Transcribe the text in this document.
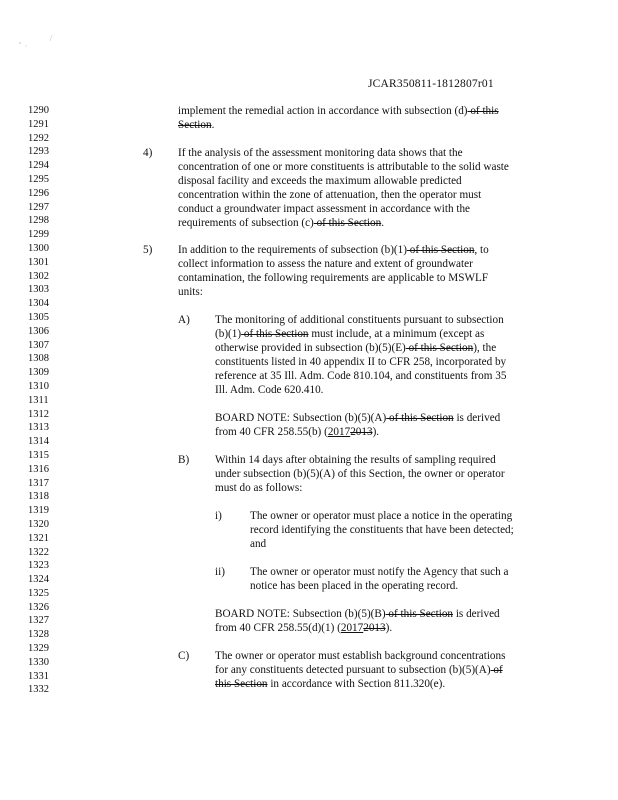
JCAR350811-1812807r01
1290
1291
1292
1293
1294
1295
1296
1297
1298
1299
1300
1301
1302
1303
1304
1305
1306
1307
1308
1309
1310
1311
1312
1313
1314
1315
1316
1317
1318
1319
1320
1321
1322
1323
1324
1325
1326
1327
1328
1329
1330
1331
1332
implement the remedial action in accordance with subsection (d) of this
Section.
4) If the analysis of the assessment monitoring data shows that the
concentration of one or more constituents is attributable to the solid waste
disposal facility and exceeds the maximum allowable predicted
concentration within the zone of attenuation, then the operator must
conduct a groundwater impact assessment in accordance with the
requirements of subsection (c) of this Section.
5) In addition to the requirements of subsection (b)(1) of this Section, to
collect information to assess the nature and extent of groundwater
contamination, the following requirements are applicable to MSWLF
units:
A) The monitoring of additional constituents pursuant to subsection
(b)(1) of this Section must include, at a minimum (except as
otherwise provided in subsection (b)(5)(E) of this Section), the
constituents listed in 40 appendix II to CFR 258, incorporated by
reference at 35 Ill. Adm. Code 810.104, and constituents from 35
Ill. Adm. Code 620.410.
BOARD NOTE: Subsection (b)(5)(A) of this Section is derived
from 40 CFR 258.55(b) (20172013).
B) Within 14 days after obtaining the results of sampling required
under subsection (b)(5)(A) of this Section, the owner or operator
must do as follows:
i)	The owner or operator must place a notice in the operating
record identifying the constituents that have been detected;
and
ii) The owner or operator must notify the Agency that such a
notice has been placed in the operating record.
BOARD NOTE: Subsection (b)(5)(B) of this Section is derived
from 40 CFR 258.55(d)(1) (20172013).
C) The owner or operator must establish background concentrations
for any constituents detected pursuant to subsection (b)(5)(A) of
this Section in accordance with Section 811.320(e).
